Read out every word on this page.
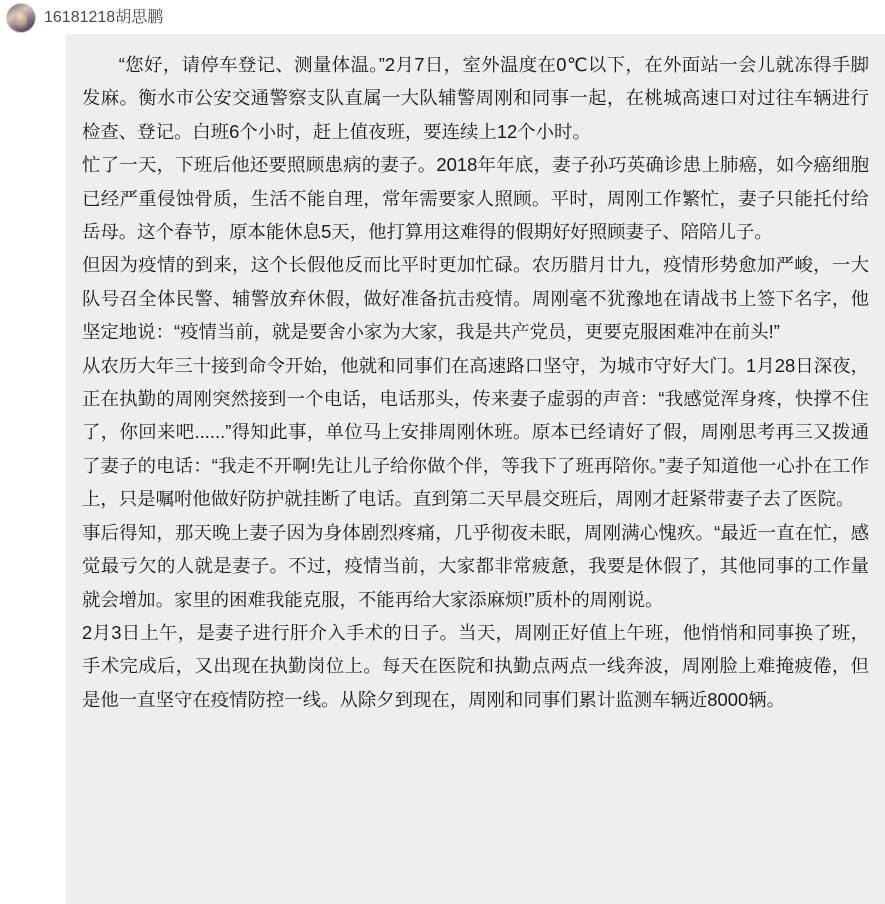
16181218胡思鹏

“您好，请停车登记、测量体温。”2月7日，室外温度在0℃以下，在外面站一会儿就冻得手脚发麻。衡水市公安交通警察支队直属一大队辅警周刚和同事一起，在桃城高速口对过往车辆进行检查、登记。白班6个小时，赶上值夜班，要连续上12个小时。

忙了一天，下班后他还要照顾患病的妻子。2018年年底，妻子孙巧英确诊患上肺癌，如今癌细胞已经严重侵蚀骨质，生活不能自理，常年需要家人照顾。平时，周刚工作繁忙，妻子只能托付给岳母。这个春节，原本能休息5天，他打算用这难得的假期好好照顾妻子、陪陪儿子。

但因为疫情的到来，这个长假他反而比平时更加忙碌。农历腊月廿九，疫情形势愈加严峻，一大队号召全体民警、辅警放弃休假，做好准备抗击疫情。周刚毫不犹豫地在请战书上签下名字，他坚定地说：“疫情当前，就是要舍小家为大家，我是共产党员，更要克服困难冲在前头!”

从农历大年三十接到命令开始，他就和同事们在高速路口坚守，为城市守好大门。1月28日深夜，正在执勤的周刚突然接到一个电话，电话那头，传来妻子虚弱的声音：“我感觉浑身疼，快撑不住了，你回来吧......”得知此事，单位马上安排周刚休班。原本已经请好了假，周刚思考再三又拨通了妻子的电话：“我走不开啊!先让儿子给你做个伴，等我下了班再陪你。”妻子知道他一心扑在工作上，只是嘱咐他做好防护就挂断了电话。直到第二天早晨交班后，周刚才赶紧带妻子去了医院。

事后得知，那天晚上妻子因为身体剧烈疼痛，几乎彻夜未眠，周刚满心愧疚。“最近一直在忙，感觉最亏欠的人就是妻子。不过，疫情当前，大家都非常疲惫，我要是休假了，其他同事的工作量就会增加。家里的困难我能克服，不能再给大家添麻烦!”质朴的周刚说。

2月3日上午，是妻子进行肝介入手术的日子。当天，周刚正好值上午班，他悄悄和同事换了班，手术完成后，又出现在执勤岗位上。每天在医院和执勤点两点一线奔波，周刚脸上难掩疲倦，但是他一直坚守在疫情防控一线。从除夕到现在，周刚和同事们累计监测车辆近8000辆。
